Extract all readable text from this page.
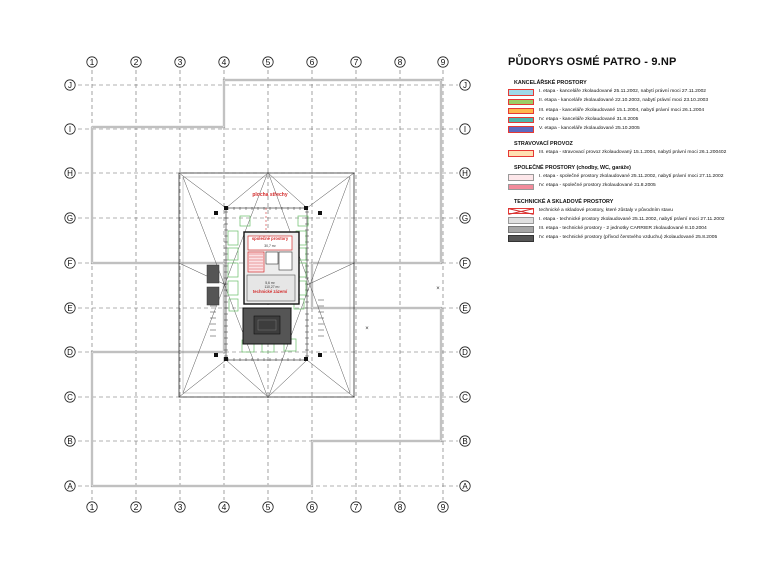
1
1
2
2
3
3
4
4
5
5
6
6
7
7
8
8
9
9
J	J
I	I
H	H
G	G
F	F
E	E
D	D
C	C
B	B
A	A
×
×
plocha střechy
společné prostory
30,7 m²
5,6 m²
technické zázemí
110,27 m²
PŮDORYS OSMÉ PATRO - 9.NP
KANCELÁŘSKÉ PROSTORY
I. etapa - kanceláře zkolaudované 25.11.2002, nabytí právní moci 27.11.2002
II. etapa - kanceláře zkolaudované 22.10.2003, nabytí právní moci 23.10.2003
III. etapa - kanceláře zkolaudované 15.1.2004, nabytí právní moci 26.1.2004
IV. etapa - kanceláře zkolaudované 31.8.2005
V. etapa - kanceláře zkolaudované 25.10.2005
STRAVOVACÍ PROVOZ
III. etapa - stravovací provoz zkolaudovaný 15.1.2004, nabytí právní moci 26.1.200402
SPOLEČNÉ PROSTORY (chodby, WC, garáže)
I. etapa - společné prostory zkolaudované 25.11.2002, nabytí právní moci 27.11.2002
IV. etapa - společné prostory zkolaudované 31.8.2005
TECHNICKÉ A SKLADOVÉ PROSTORY
technické a skladové prostory, které zůstaly v původním stavu
I. etapa - technické prostory zkolaudované 25.11.2002, nabytí právní moci 27.11.2002
III. etapa - technické prostory - 2 jednotky CARRIER zkolaudované 8.10.2004
IV. etapa - technické prostory (přívod čerstvého vzduchu) zkolaudované 25.8.2005
